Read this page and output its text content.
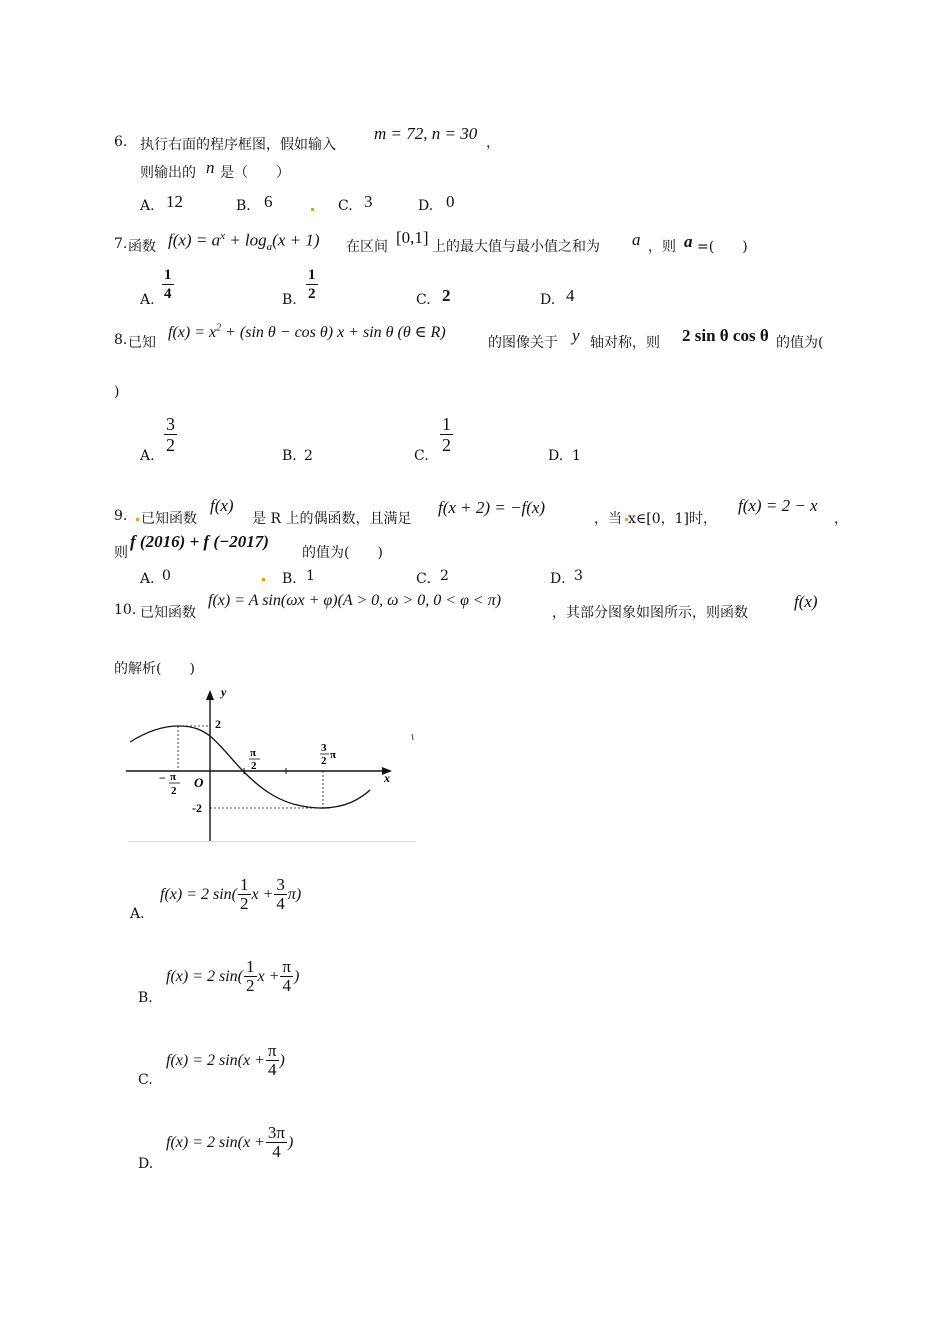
6. 执行右面的程序框图，假如输入
m = 72, n = 30 ，
则输出的 n 是（　　）
A. 12	B. 6	C. 3	D. 0
7. 函数 $f(x) = a^x + \log_a(x + 1)$ 在区间 [0,1] 上的最大值与最小值之和为 a ，则 a =(　　)
A. $\frac{1}{4}$	B. $\frac{1}{2}$	C. 2	D. 4
8. 已知
$f(x) = x^2 + (\sin$ θ − cos θ) x + sin θ (θ ∈ R)
的图像关于 y 轴对称，则 2 sin θ cos θ 的值为(
)
A.
$\frac{3}{2}$
B. 2	C.
$\frac{1}{2}$
D. 1
9. 已知函数
f(x)
是 R 上的偶函数，且满足
f(x + 2) = −f(x)
，当 x∈[0，1]时，
f(x) = 2 − x
，
则
f (2016) + f (−2017)
的值为(　　)
A．
0	B． 1	C． 2	D．
3
10. 已知函数
f(x) = A sin(ωx + φ)(A > 0, ω > 0, 0 < φ < π)
，其部分图象如图所示，则函数
f(x)
的解析(　　)
y
x
O
2
-2
− π
2
π
2
3
2 π
A.
f(x) = 2 $\sin( \frac{1}{2}$ $x + \frac{3}{4} \pi$)
B.
f(x) = 2 $\sin( \frac{1}{2}$ $x + \frac{\pi}{4}$ )
C.
f(x) = 2 $\sin(x + \frac{\pi}{4}$ )
D.
f(x) = 2 $\sin(x + \frac{3\pi}{4}$ )
